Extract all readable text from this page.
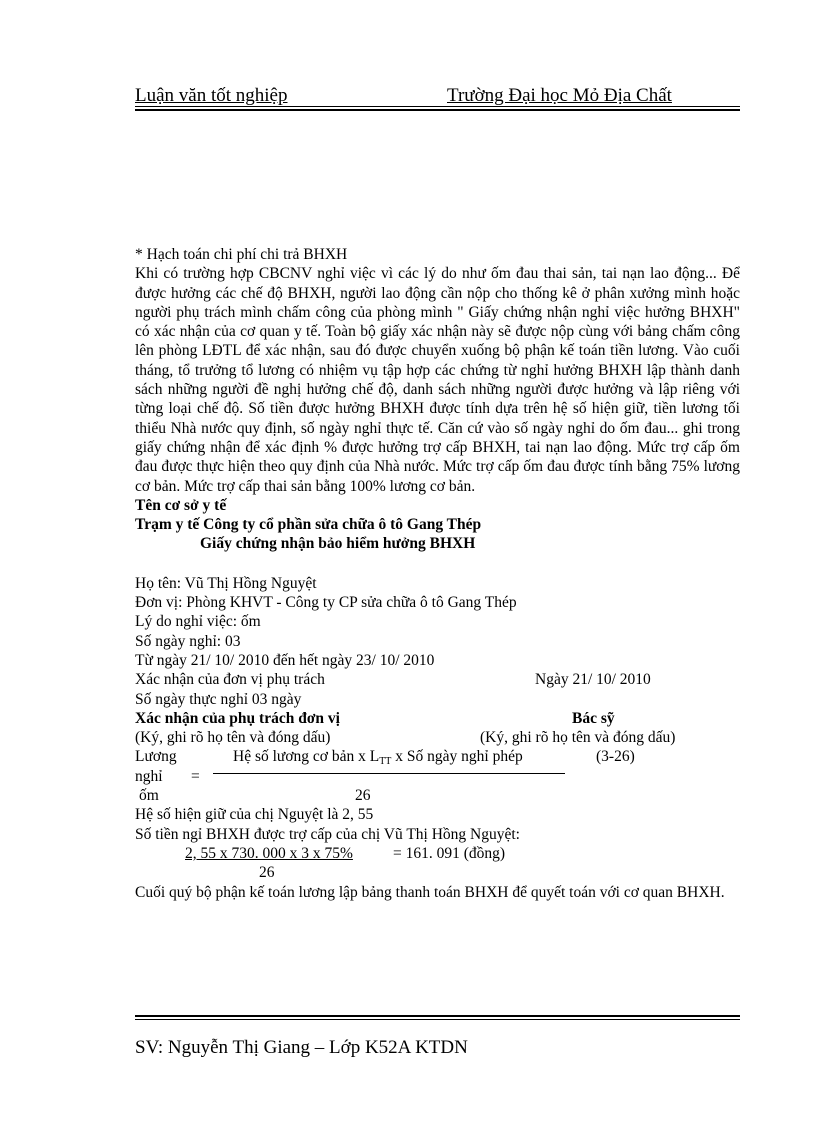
Luận văn tốt nghiệp	Trường Đại học Mỏ Địa Chất

* Hạch toán chi phí chi trả BHXH

Khi có trường hợp CBCNV nghỉ việc vì các lý do như ốm đau thai sản, tai nạn lao động... Để được hưởng các chế độ BHXH, người lao động cần nộp cho thống kê ở phân xưởng mình hoặc người phụ trách mình chấm công của phòng mình " Giấy chứng nhận nghỉ việc hưởng BHXH" có xác nhận của cơ quan y tế. Toàn bộ giấy xác nhận này sẽ được nộp cùng với bảng chấm công lên phòng LĐTL để xác nhận, sau đó được chuyển xuống bộ phận kế toán tiền lương. Vào cuối tháng, tổ trưởng tổ lương có nhiệm vụ tập hợp các chứng từ nghỉ hưởng BHXH lập thành danh sách những người đề nghị hưởng chế độ, danh sách những người được hưởng và lập riêng với từng loại chế độ. Số tiền được hưởng BHXH được tính dựa trên hệ số hiện giữ, tiền lương tối thiểu Nhà nước quy định, số ngày nghỉ thực tế. Căn cứ vào số ngày nghỉ do ốm đau... ghi trong giấy chứng nhận để xác định % được hưởng trợ cấp BHXH, tai nạn lao động. Mức trợ cấp ốm đau được thực hiện theo quy định của Nhà nước. Mức trợ cấp ốm đau được tính bằng 75% lương cơ bản. Mức trợ cấp thai sản bằng 100% lương cơ bản.

Tên cơ sở y tế

Trạm y tế Công ty cổ phần sửa chữa ô tô Gang Thép

Giấy chứng nhận bảo hiểm hưởng BHXH

Họ tên: Vũ Thị Hồng Nguyệt

Đơn vị: Phòng KHVT - Công ty CP sửa chữa ô tô Gang Thép

Lý do nghỉ việc: ốm

Số ngày nghỉ: 03

Từ ngày 21/ 10/ 2010 đến hết ngày 23/ 10/ 2010

Xác nhận của đơn vị phụ trách	Ngày 21/ 10/ 2010

Số ngày thực nghỉ 03 ngày

Xác nhận của phụ trách đơn vị	Bác sỹ
(Ký, ghi rõ họ tên và đóng dấu)	(Ký, ghi rõ họ tên và đóng dấu)
Lương	Hệ số lương cơ bản x $L_{TT}$ x Số ngày nghỉ phép	(3-26)
nghỉ =
ốm	26

Hệ số hiện giữ của chị Nguyệt là 2, 55

Số tiền ngỉ BHXH được trợ cấp của chị Vũ Thị Hồng Nguyệt:

2, 55 x 730. 000 x 3 x 75%	= 161. 091 (đồng)
26

Cuối quý bộ phận kế toán lương lập bảng thanh toán BHXH để quyết toán với cơ quan BHXH.

SV: Nguyễn Thị Giang – Lớp K52A KTDN
